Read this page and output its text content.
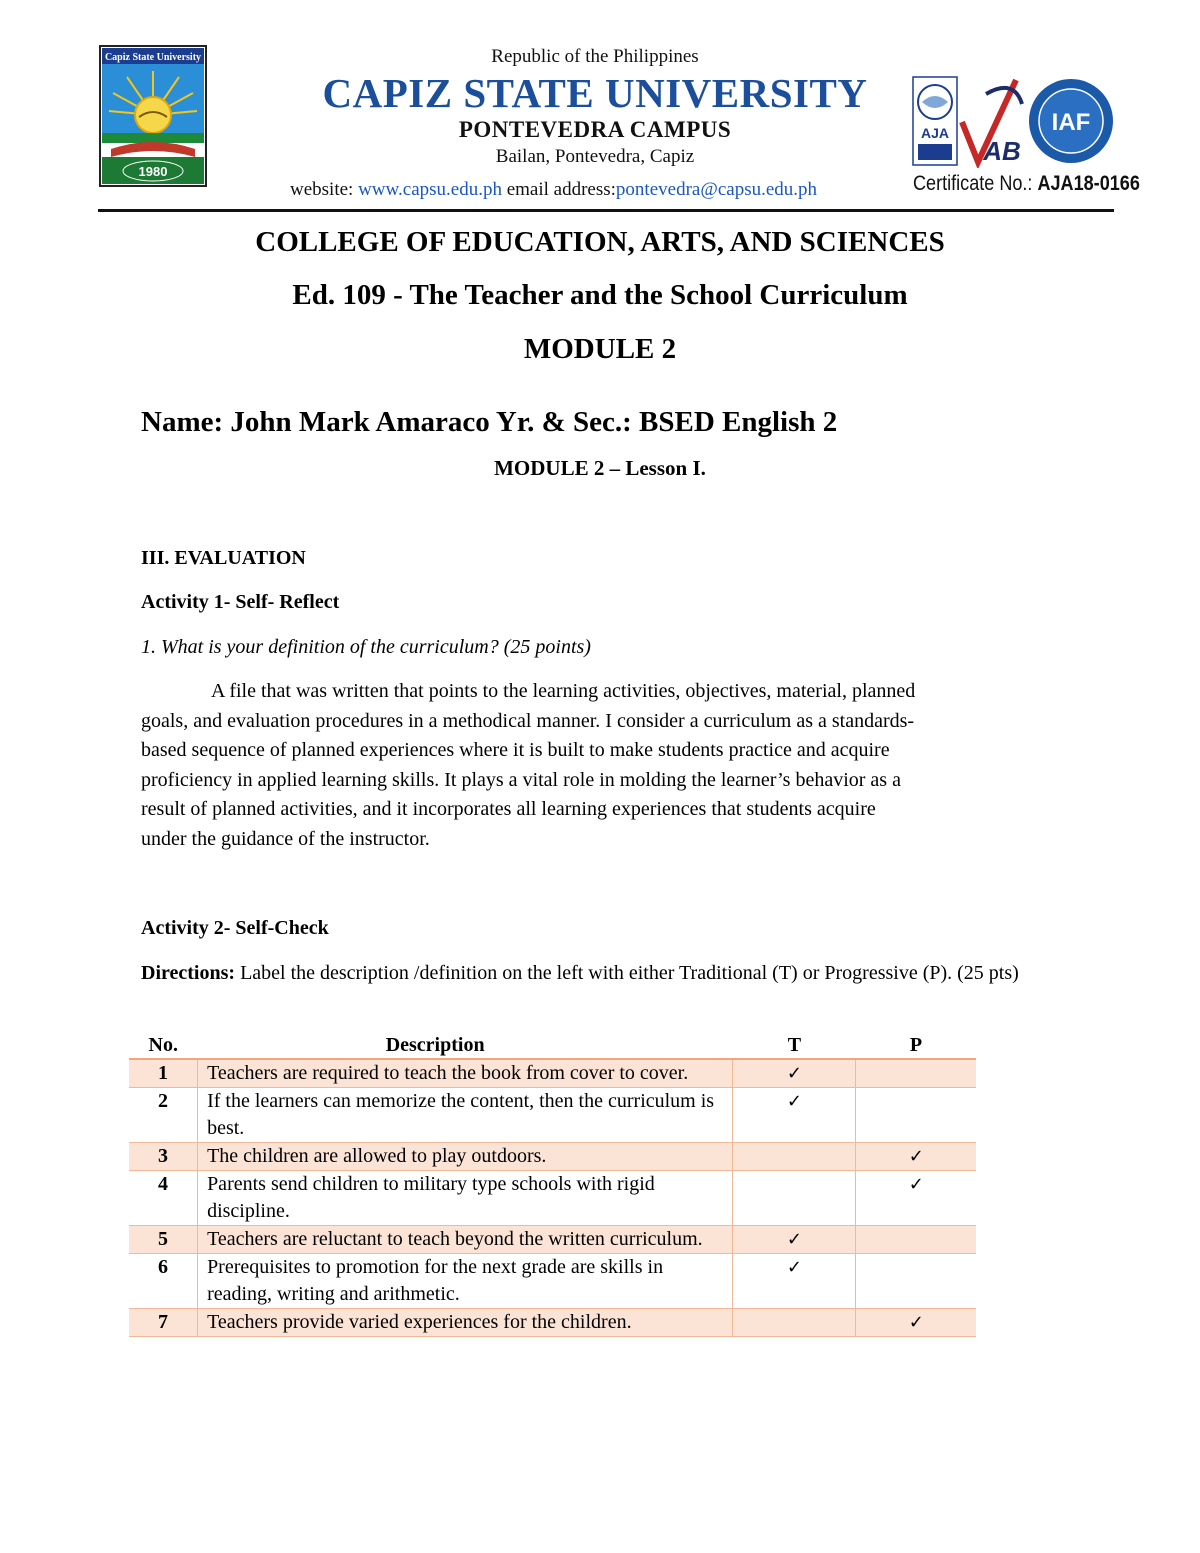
Capiz State University
1980
Republic of the Philippines
CAPIZ STATE UNIVERSITY
PONTEVEDRA CAMPUS
Bailan, Pontevedra, Capiz
website: www.capsu.edu.ph email address:pontevedra@capsu.edu.ph
AJA
AB
IAF
Certificate No.: AJA18-0166
COLLEGE OF EDUCATION, ARTS, AND SCIENCES
Ed. 109 - The Teacher and the School Curriculum
MODULE 2
Name: John Mark Amaraco Yr. & Sec.: BSED English 2
MODULE 2 – Lesson I.
III. EVALUATION
Activity 1- Self- Reflect
1. What is your definition of the curriculum? (25 points)
A file that was written that points to the learning activities, objectives, material, planned
goals, and evaluation procedures in a methodical manner. I consider a curriculum as a standards-
based sequence of planned experiences where it is built to make students practice and acquire
proficiency in applied learning skills. It plays a vital role in molding the learner’s behavior as a
result of planned activities, and it incorporates all learning experiences that students acquire
under the guidance of the instructor.
Activity 2- Self-Check
Directions: Label the description /definition on the left with either Traditional (T) or Progressive (P). (25 pts)
No.	Description	T	P
1	Teachers are required to teach the book from cover to cover.	✓	
2	If the learners can memorize the content, then the curriculum is best.	✓	
3	The children are allowed to play outdoors.		✓
4	Parents send children to military type schools with rigid discipline.		✓
5	Teachers are reluctant to teach beyond the written curriculum.	✓	
6	Prerequisites to promotion for the next grade are skills in reading, writing and arithmetic.	✓	
7	Teachers provide varied experiences for the children.		✓
